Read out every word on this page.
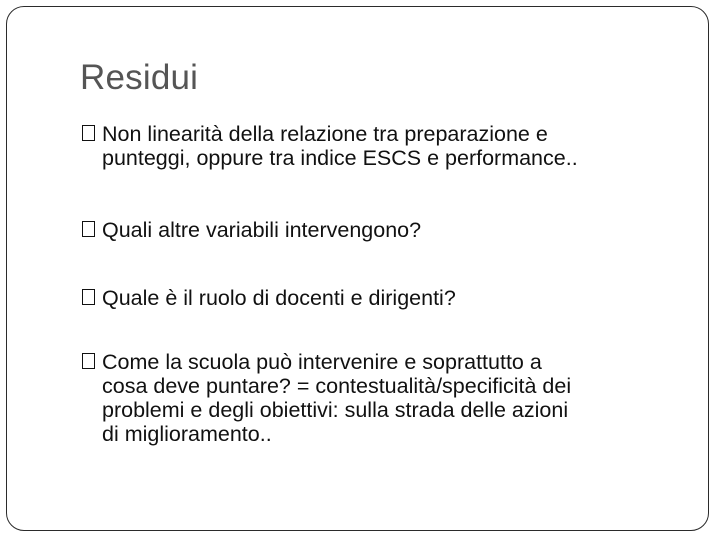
Residui
Non linearità della relazione tra preparazione e
punteggi, oppure tra indice ESCS e performance..
Quali altre variabili intervengono?
Quale è il ruolo di docenti e dirigenti?
Come la scuola può intervenire e soprattutto a
cosa deve puntare? = contestualità/specificità dei
problemi e degli obiettivi: sulla strada delle azioni
di miglioramento..
